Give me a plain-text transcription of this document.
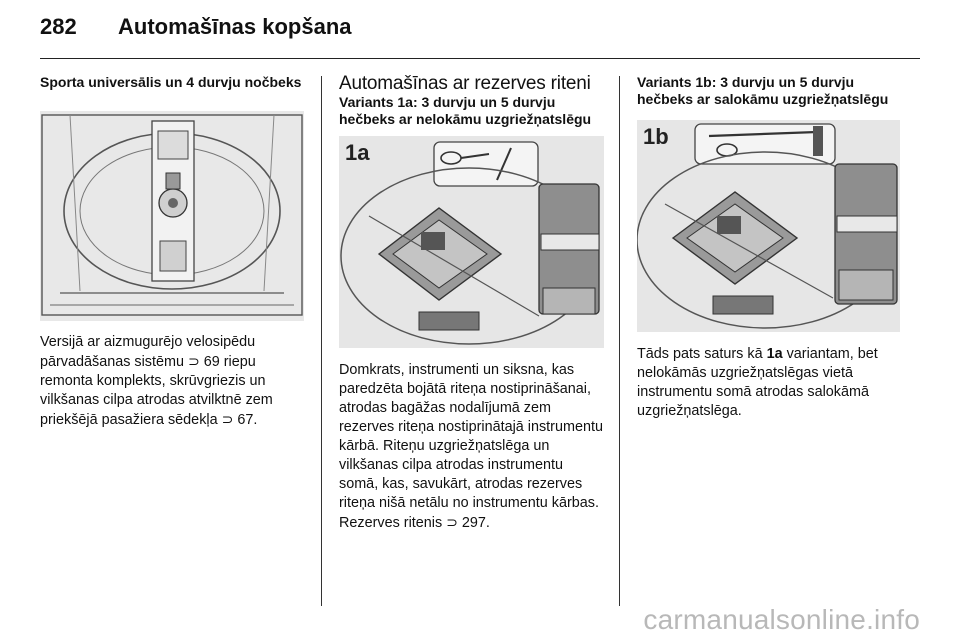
282	Automašīnas kopšana
Sporta universālis un 4 durvju nočbeks

Versijā ar aizmugurējo velosipēdu pārvadāšanas sistēmu ⊃ 69 riepu remonta komplekts, skrūvgriezis un vilkšanas cilpa atrodas atvilktnē zem priekšējā pasažiera sēdekļa ⊃ 67.

Automašīnas ar rezerves riteni
Variants 1a: 3 durvju un 5 durvju hečbeks ar nelokāmu uzgriežņatslēgu
1a

Domkrats, instrumenti un siksna, kas paredzēta bojātā riteņa nostiprināšanai, atrodas bagāžas nodalījumā zem rezerves riteņa nostiprinātajā instrumentu kārbā. Riteņu uzgriežņatslēga un vilkšanas cilpa atrodas instrumentu somā, kas, savukārt, atrodas rezerves riteņa nišā netālu no instrumentu kārbas.

Rezerves ritenis ⊃ 297.

Variants 1b: 3 durvju un 5 durvju hečbeks ar salokāmu uzgriežņatslēgu
1b

Tāds pats saturs kā 1a variantam, bet nelokāmās uzgriežņatslēgas vietā instrumentu somā atrodas salokāmā uzgriežņatslēga.

carmanualsonline.info
